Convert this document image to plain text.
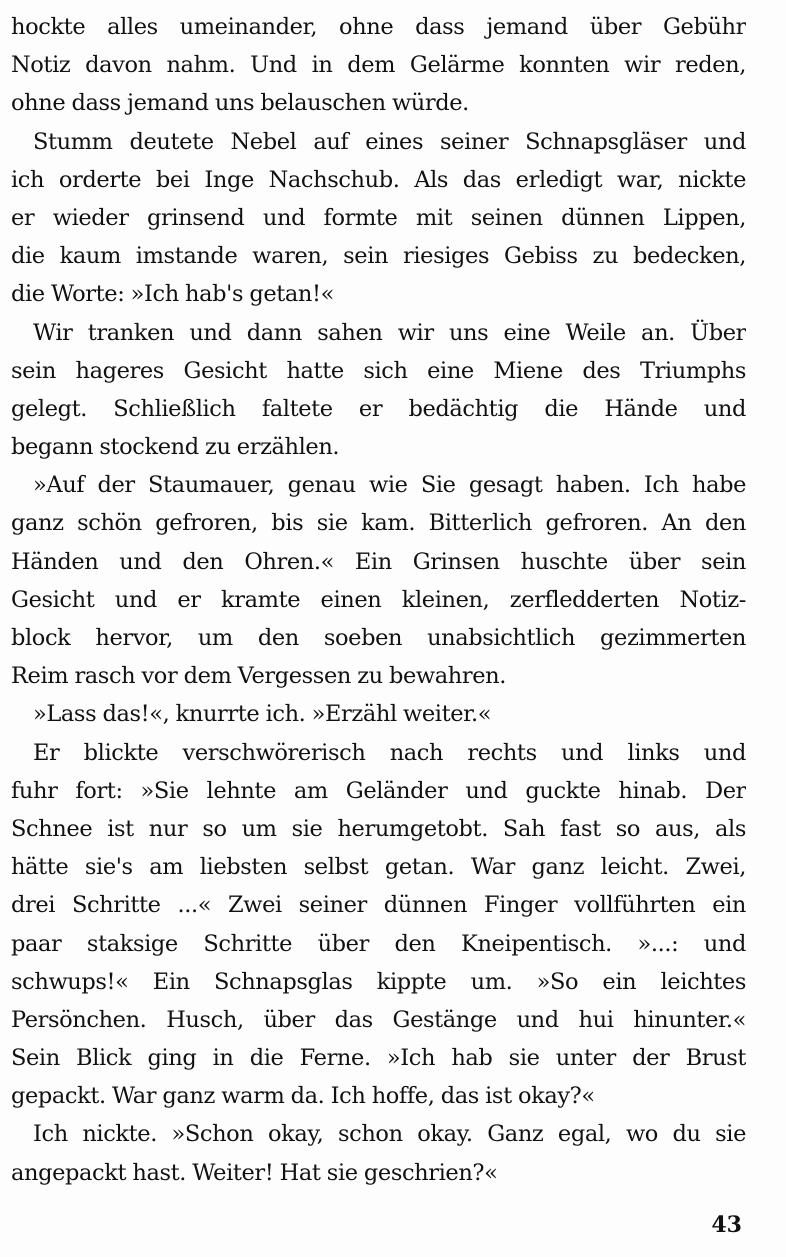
hockte alles umeinander, ohne dass jemand über Gebühr
Notiz davon nahm. Und in dem Gelärme konnten wir reden,
ohne dass jemand uns belauschen würde.
Stumm deutete Nebel auf eines seiner Schnapsgläser und
ich orderte bei Inge Nachschub. Als das erledigt war, nickte
er wieder grinsend und formte mit seinen dünnen Lippen,
die kaum imstande waren, sein riesiges Gebiss zu bedecken,
die Worte: »Ich hab's getan!«
Wir tranken und dann sahen wir uns eine Weile an. Über
sein hageres Gesicht hatte sich eine Miene des Triumphs
gelegt. Schließlich faltete er bedächtig die Hände und
begann stockend zu erzählen.
»Auf der Staumauer, genau wie Sie gesagt haben. Ich habe
ganz schön gefroren, bis sie kam. Bitterlich gefroren. An den
Händen und den Ohren.« Ein Grinsen huschte über sein
Gesicht und er kramte einen kleinen, zerfledderten Notiz-
block hervor, um den soeben unabsichtlich gezimmerten
Reim rasch vor dem Vergessen zu bewahren.
»Lass das!«, knurrte ich. »Erzähl weiter.«
Er blickte verschwörerisch nach rechts und links und
fuhr fort: »Sie lehnte am Geländer und guckte hinab. Der
Schnee ist nur so um sie herumgetobt. Sah fast so aus, als
hätte sie's am liebsten selbst getan. War ganz leicht. Zwei,
drei Schritte ...« Zwei seiner dünnen Finger vollführten ein
paar staksige Schritte über den Kneipentisch. »...: und
schwups!« Ein Schnapsglas kippte um. »So ein leichtes
Persönchen. Husch, über das Gestänge und hui hinunter.«
Sein Blick ging in die Ferne. »Ich hab sie unter der Brust
gepackt. War ganz warm da. Ich hoffe, das ist okay?«
Ich nickte. »Schon okay, schon okay. Ganz egal, wo du sie
angepackt hast. Weiter! Hat sie geschrien?«
43
